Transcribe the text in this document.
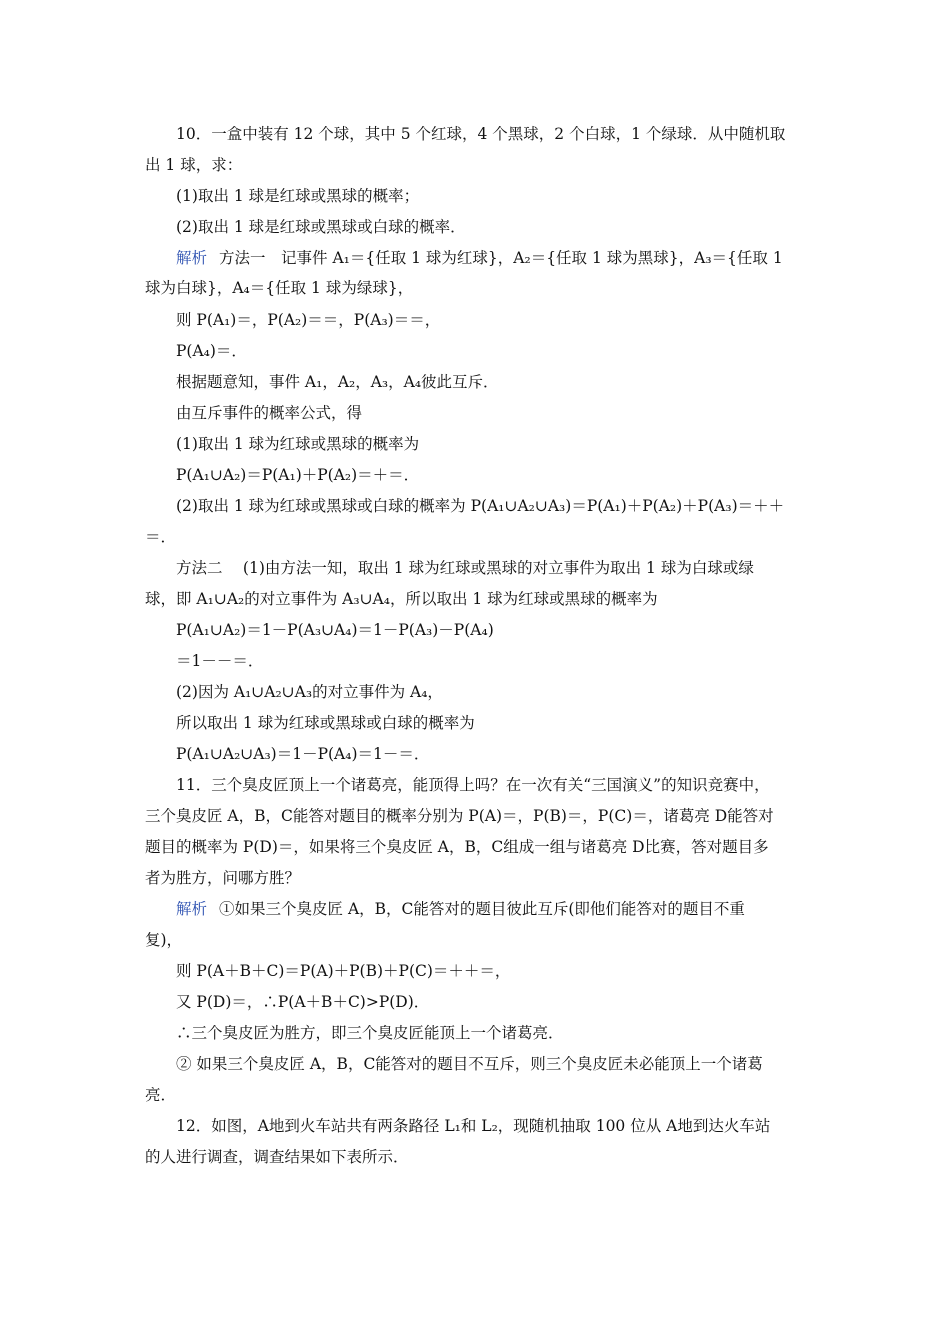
10．一盒中装有 12 个球，其中 5 个红球，4 个黑球，2 个白球，1 个绿球．从中随机取
出 1 球，求：
(1)取出 1 球是红球或黑球的概率；
(2)取出 1 球是红球或黑球或白球的概率．
解析 方法一　记事件 A₁＝{任取 1 球为红球}，A₂＝{任取 1 球为黑球}，A₃＝{任取 1
球为白球}，A₄＝{任取 1 球为绿球}，
则 P(A₁)＝，P(A₂)＝＝，P(A₃)＝＝，
P(A₄)＝．
根据题意知，事件 A₁，A₂，A₃，A₄彼此互斥．
由互斥事件的概率公式，得
(1)取出 1 球为红球或黑球的概率为
P(A₁∪A₂)＝P(A₁)＋P(A₂)＝＋＝．
(2)取出 1 球为红球或黑球或白球的概率为 P(A₁∪A₂∪A₃)＝P(A₁)＋P(A₂)＋P(A₃)＝＋＋
＝．
方法二　 (1)由方法一知，取出 1 球为红球或黑球的对立事件为取出 1 球为白球或绿
球，即 A₁∪A₂的对立事件为 A₃∪A₄，所以取出 1 球为红球或黑球的概率为
P(A₁∪A₂)＝1－P(A₃∪A₄)＝1－P(A₃)－P(A₄)
＝1－－＝．
(2)因为 A₁∪A₂∪A₃的对立事件为 A₄，
所以取出 1 球为红球或黑球或白球的概率为
P(A₁∪A₂∪A₃)＝1－P(A₄)＝1－＝．
11．三个臭皮匠顶上一个诸葛亮，能顶得上吗？在一次有关“三国演义”的知识竞赛中，
三个臭皮匠 A，B，C能答对题目的概率分别为 P(A)＝，P(B)＝，P(C)＝，诸葛亮 D能答对
题目的概率为 P(D)＝，如果将三个臭皮匠 A，B，C组成一组与诸葛亮 D比赛，答对题目多
者为胜方，问哪方胜？
解析 ①如果三个臭皮匠 A，B，C能答对的题目彼此互斥(即他们能答对的题目不重
复)，
则 P(A＋B＋C)＝P(A)＋P(B)＋P(C)＝＋＋＝，
又 P(D)＝，∴P(A＋B＋C)>P(D)．
∴三个臭皮匠为胜方，即三个臭皮匠能顶上一个诸葛亮．
② 如果三个臭皮匠 A，B，C能答对的题目不互斥，则三个臭皮匠未必能顶上一个诸葛
亮．
12．如图，A地到火车站共有两条路径 L₁和 L₂，现随机抽取 100 位从 A地到达火车站
的人进行调查，调查结果如下表所示．
